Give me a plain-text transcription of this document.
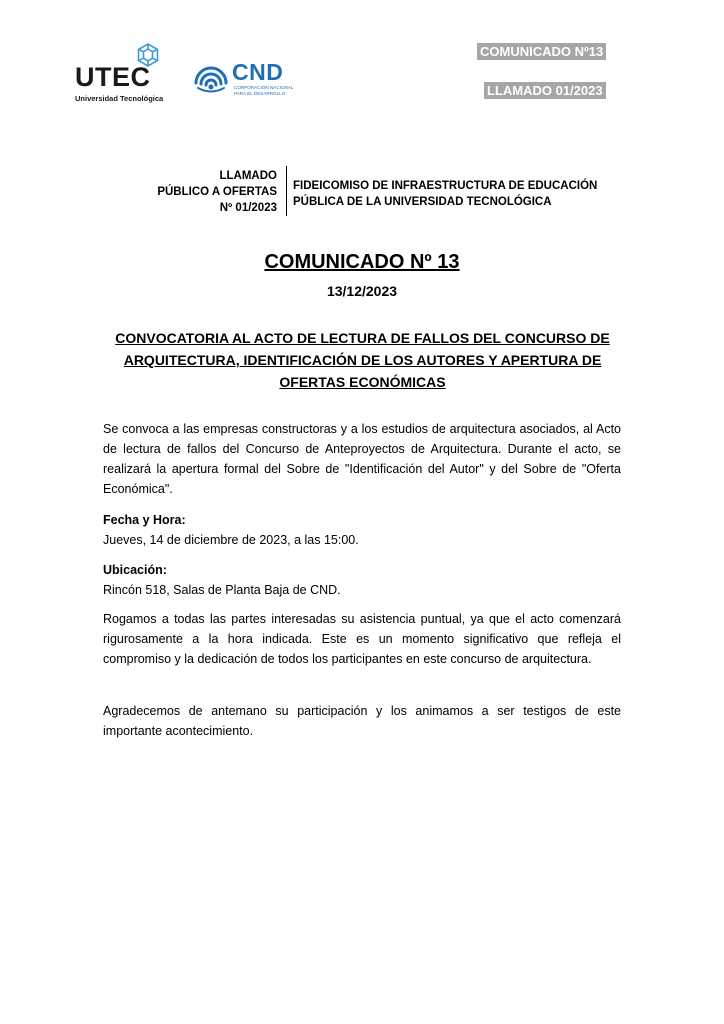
UTEC
Universidad Tecnológica
CND
CORPORACIÓN NACIONAL PARA EL DESARROLLO
COMUNICADO Nº13
LLAMADO 01/2023
LLAMADO
PÚBLICO A OFERTAS
Nº 01/2023
FIDEICOMISO DE INFRAESTRUCTURA DE EDUCACIÓN
PÚBLICA DE LA UNIVERSIDAD TECNOLÓGICA
COMUNICADO Nº 13
13/12/2023
CONVOCATORIA AL ACTO DE LECTURA DE FALLOS DEL CONCURSO DE ARQUITECTURA, IDENTIFICACIÓN DE LOS AUTORES Y APERTURA DE OFERTAS ECONÓMICAS
Se convoca a las empresas constructoras y a los estudios de arquitectura asociados, al Acto de lectura de fallos del Concurso de Anteproyectos de Arquitectura. Durante el acto, se realizará la apertura formal del Sobre de "Identificación del Autor" y del Sobre de "Oferta Económica".
Fecha y Hora:
Jueves, 14 de diciembre de 2023, a las 15:00.
Ubicación:
Rincón 518, Salas de Planta Baja de CND.
Rogamos a todas las partes interesadas su asistencia puntual, ya que el acto comenzará rigurosamente a la hora indicada. Este es un momento significativo que refleja el compromiso y la dedicación de todos los participantes en este concurso de arquitectura.
Agradecemos de antemano su participación y los animamos a ser testigos de este importante acontecimiento.
